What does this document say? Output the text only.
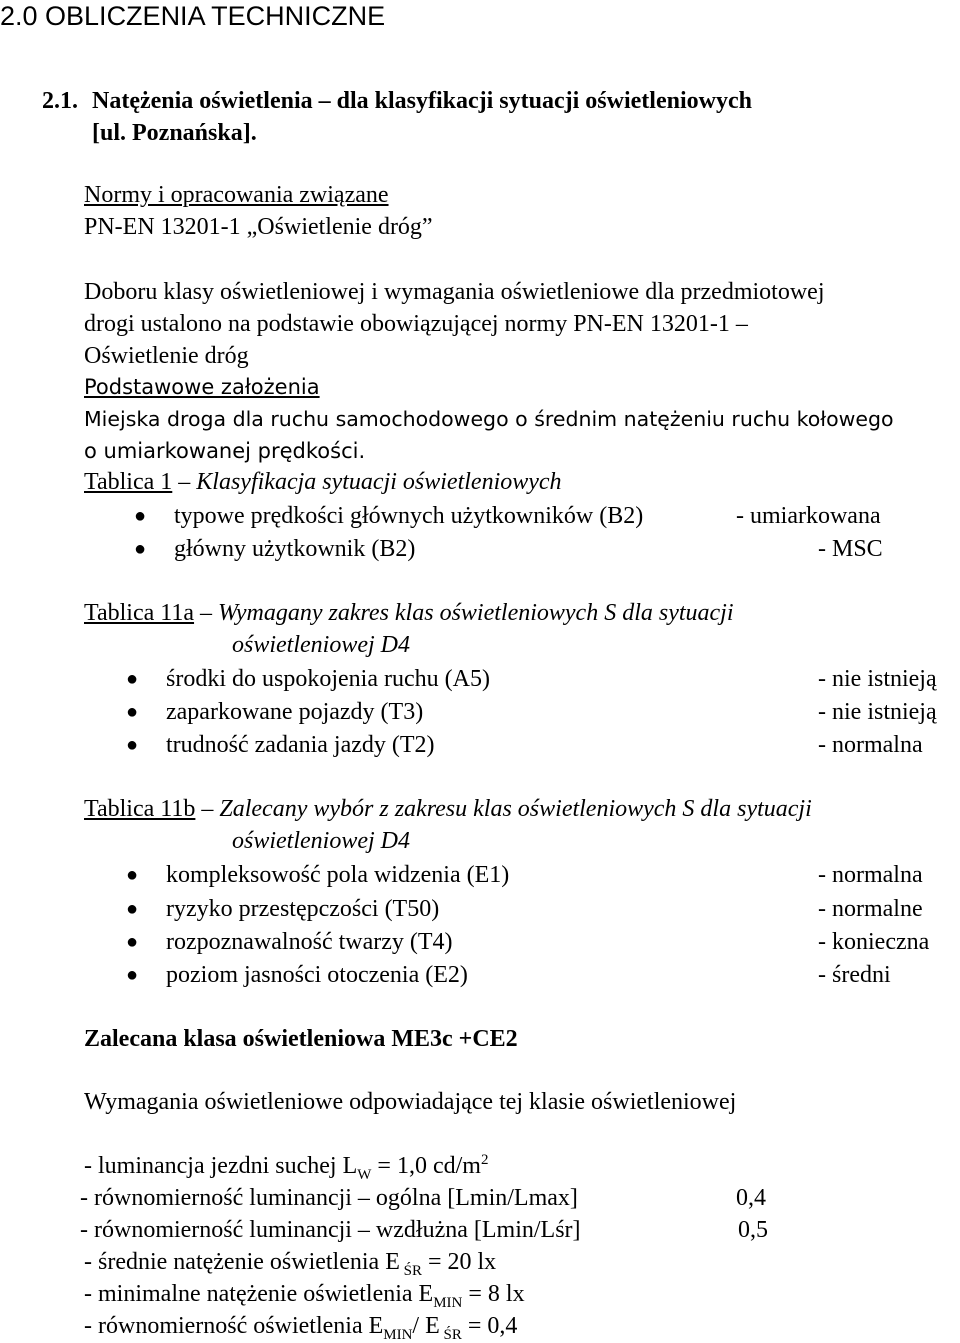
2.0 OBLICZENIA TECHNICZNE
2.1. Natężenia oświetlenia – dla klasyfikacji sytuacji oświetleniowych
[ul. Poznańska].
Normy i opracowania związane
PN-EN 13201-1 „Oświetlenie dróg”
Doboru klasy oświetleniowej i wymagania oświetleniowe dla przedmiotowej
drogi ustalono na podstawie obowiązującej normy PN-EN 13201-1 –
Oświetlenie dróg
Podstawowe założenia
Miejska droga dla ruchu samochodowego o średnim natężeniu ruchu kołowego
o umiarkowanej prędkości.
Tablica 1 – Klasyfikacja sytuacji oświetleniowych
● typowe prędkości głównych użytkowników (B2)	- umiarkowana
● główny użytkownik (B2)	- MSC
Tablica 11a – Wymagany zakres klas oświetleniowych S dla sytuacji
oświetleniowej D4
● środki do uspokojenia ruchu (A5)	- nie istnieją
● zaparkowane pojazdy (T3)	- nie istnieją
● trudność zadania jazdy (T2)	- normalna
Tablica 11b – Zalecany wybór z zakresu klas oświetleniowych S dla sytuacji
oświetleniowej D4
● kompleksowość pola widzenia (E1)	- normalna
● ryzyko przestępczości (T50)	- normalne
● rozpoznawalność twarzy (T4)	- konieczna
● poziom jasności otoczenia (E2)	- średni
Zalecana klasa oświetleniowa ME3c +CE2
Wymagania oświetleniowe odpowiadające tej klasie oświetleniowej
- luminancja jezdni suchej $L_W = 1,0$ $cd/m^2$
- równomierność luminancji – ogólna [Lmin/Lmax]	0,4
- równomierność luminancji – wzdłużna [Lmin/Lśr]	0,5
- średnie natężenie oświetlenia E $_{ŚR}$ = 20 lx
- minimalne natężenie oświetlenia $E_{MIN} = 8$ lx
- równomierność oświetlenia $E_{MIN}/$ E $_{ŚR}$ = 0,4
